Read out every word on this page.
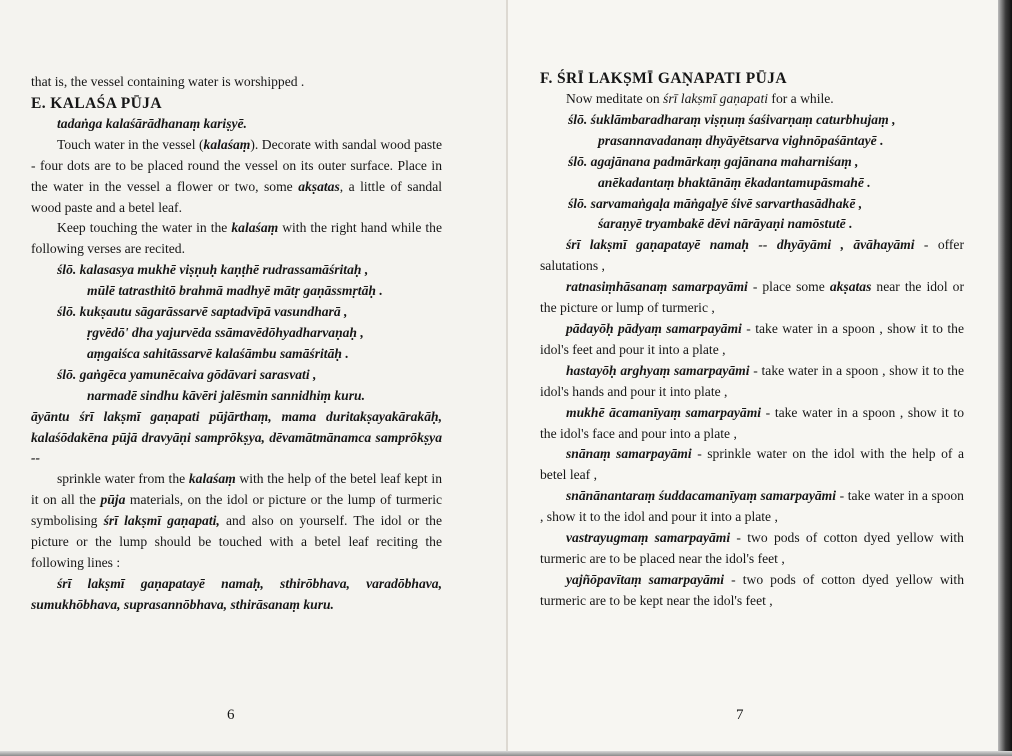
that is, the vessel containing water is worshipped .

E. KALAŚA PŪJA

tadaṅga kalaśārādhanaṃ kariṣyē.

Touch water in the vessel (kalaśaṃ). Decorate with sandal wood paste - four dots are to be placed round the vessel on its outer surface. Place in the water in the vessel a flower or two, some akṣatas, a little of sandal wood paste and a betel leaf.

Keep touching the water in the kalaśaṃ with the right hand while the following verses are recited.

ślō. kalasasya mukhē viṣṇuḥ kaṇṭhē rudrassamāśritaḥ ,

mūlē tatrasthitō brahmā madhyē mātṛ gaṇāssmṛtāḥ .

ślō. kukṣautu sāgarāssarvē saptadvīpā vasundharā ,

ṛgvēdō' dha yajurvēda ssāmavēdōhyadharvaṇaḥ ,

aṃgaiśca sahitāssarvē kalaśāmbu samāśritāḥ .

ślō. gaṅgēca yamunēcaiva gōdāvari sarasvati ,

narmadē sindhu kāvēri jalēsmin sannidhiṃ kuru.

āyāntu śrī lakṣmī gaṇapati pūjārthaṃ, mama duritakṣayakārakāḥ, kalaśōdakēna pūjā dravyāṇi samprōkṣya, dēvamātmānamca samprōkṣya --

sprinkle water from the kalaśaṃ with the help of the betel leaf kept in it on all the pūja materials, on the idol or picture or the lump of turmeric symbolising śrī lakṣmī gaṇapati, and also on yourself. The idol or the picture or the lump should be touched with a betel leaf reciting the following lines :

śrī lakṣmī gaṇapatayē namaḥ, sthirōbhava, varadōbhava, sumukhōbhava, suprasannōbhava, sthirāsanaṃ kuru.

6
F. ŚRĪ LAKṢMĪ GAṆAPATI PŪJA

Now meditate on śrī lakṣmī gaṇapati for a while.

ślō. śuklāmbaradharaṃ viṣṇuṃ śaśivarṇaṃ caturbhujaṃ ,

prasannavadanaṃ dhyāyētsarva vighnōpaśāntayē .

ślō. agajānana padmārkaṃ gajānana maharniśaṃ ,

anēkadantaṃ bhaktānāṃ ēkadantamupāsmahē .

ślō. sarvamaṅgaḷa māṅgaḷyē śivē sarvarthasādhakē ,

śaraṇyē tryambakē dēvi nārāyaṇi namōstutē .

śrī lakṣmī gaṇapatayē namaḥ -- dhyāyāmi , āvāhayāmi - offer salutations ,

ratnasiṃhāsanaṃ samarpayāmi - place some akṣatas near the idol or the picture or lump of turmeric ,

pādayōḥ pādyaṃ samarpayāmi - take water in a spoon , show it to the idol's feet and pour it into a plate ,

hastayōḥ arghyaṃ samarpayāmi - take water in a spoon , show it to the idol's hands and pour it into plate ,

mukhē ācamanīyaṃ samarpayāmi - take water in a spoon , show it to the idol's face and pour into a plate ,

snānaṃ samarpayāmi - sprinkle water on the idol with the help of a betel leaf ,

snānānantaraṃ śuddacamanīyaṃ samarpayāmi - take water in a spoon , show it to the idol and pour it into a plate ,

vastrayugmaṃ samarpayāmi - two pods of cotton dyed yellow with turmeric are to be placed near the idol's feet ,

yajñōpavītaṃ samarpayāmi - two pods of cotton dyed yellow with turmeric are to be kept near the idol's feet ,

7
